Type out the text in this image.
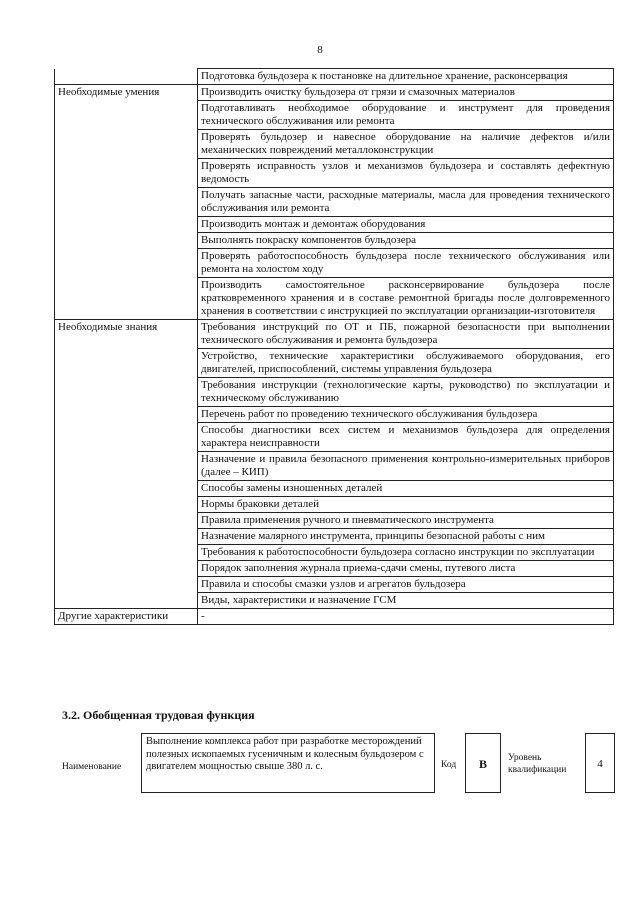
8
	Подготовка бульдозера к постановке на длительное хранение, расконсервация
Необходимые умения	Производить очистку бульдозера от грязи и смазочных материалов
	Подготавливать необходимое оборудование и инструмент для проведения технического обслуживания или ремонта
	Проверять бульдозер и навесное оборудование на наличие дефектов и/или механических повреждений металлоконструкции
	Проверять исправность узлов и механизмов бульдозера и составлять дефектную ведомость
	Получать запасные части, расходные материалы, масла для проведения технического обслуживания или ремонта
	Производить монтаж и демонтаж оборудования
	Выполнять покраску компонентов бульдозера
	Проверять работоспособность бульдозера после технического обслуживания или ремонта на холостом ходу
	Производить самостоятельное расконсервирование бульдозера после кратковременного хранения и в составе ремонтной бригады после долговременного хранения в соответствии с инструкцией по эксплуатации организации-изготовителя
Необходимые знания	Требования инструкций по ОТ и ПБ, пожарной безопасности при выполнении технического обслуживания и ремонта бульдозера
	Устройство, технические характеристики обслуживаемого оборудования, его двигателей, приспособлений, системы управления бульдозера
	Требования инструкции (технологические карты, руководство) по эксплуатации и техническому обслуживанию
	Перечень работ по проведению технического обслуживания бульдозера
	Способы диагностики всех систем и механизмов бульдозера для определения характера неисправности
	Назначение и правила безопасного применения контрольно-измерительных приборов (далее – КИП)
	Способы замены изношенных деталей
	Нормы браковки деталей
	Правила применения ручного и пневматического инструмента
	Назначение малярного инструмента, принципы безопасной работы с ним
	Требования к работоспособности бульдозера согласно инструкции по эксплуатации
	Порядок заполнения журнала приема-сдачи смены, путевого листа
	Правила и способы смазки узлов и агрегатов бульдозера
	Виды, характеристики и назначение ГСМ
Другие характеристики	-
3.2. Обобщенная трудовая функция
Наименование
Выполнение комплекса работ при разработке месторождений полезных ископаемых гусеничным и колесным бульдозером с двигателем мощностью свыше 380 л. с.	Код	B	Уровень квалификации	4
